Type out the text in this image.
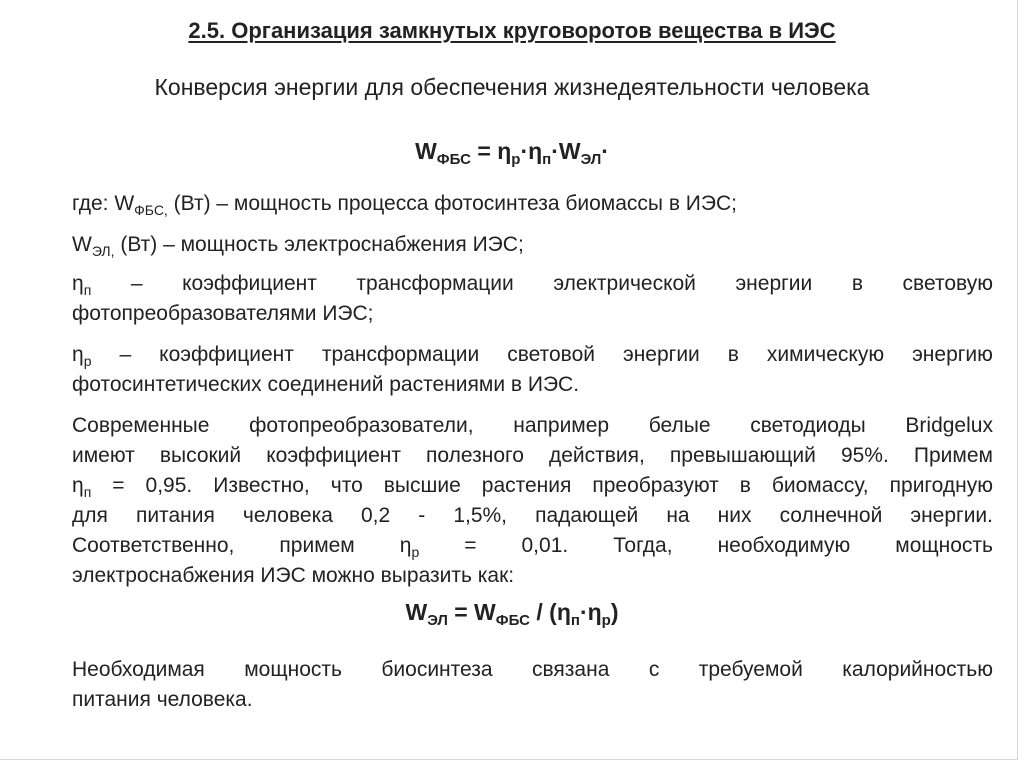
2.5. Организация замкнутых круговоротов вещества в ИЭС
Конверсия энергии для обеспечения жизнедеятельности человека
$W_{ФБС} = \eta_р\cdot\eta_п\cdot W_{ЭЛ}\cdot$
где: $W_{ФБС,}$ (Вт) – мощность процесса фотосинтеза биомассы в ИЭС;
$W_{ЭЛ,}$ (Вт) – мощность электроснабжения ИЭС;
$\eta_п$ – коэффициент трансформации электрической энергии в световую
фотопреобразователями ИЭС;
$\eta_р$ – коэффициент трансформации световой энергии в химическую энергию
фотосинтетических соединений растениями в ИЭС.
Современные фотопреобразователи, например белые светодиоды Bridgelux
имеют высокий коэффициент полезного действия, превышающий 95%. Примем
$\eta_п = 0,95$. Известно, что высшие растения преобразуют в биомассу, пригодную
для питания человека 0,2 - 1,5%, падающей на них солнечной энергии.
Соответственно, примем $\eta_р = 0,01$. Тогда, необходимую мощность
электроснабжения ИЭС можно выразить как:
$W_{ЭЛ} = W_{ФБС} / (\eta_п\cdot\eta_р)$
Необходимая мощность биосинтеза связана с требуемой калорийностью
питания человека.
